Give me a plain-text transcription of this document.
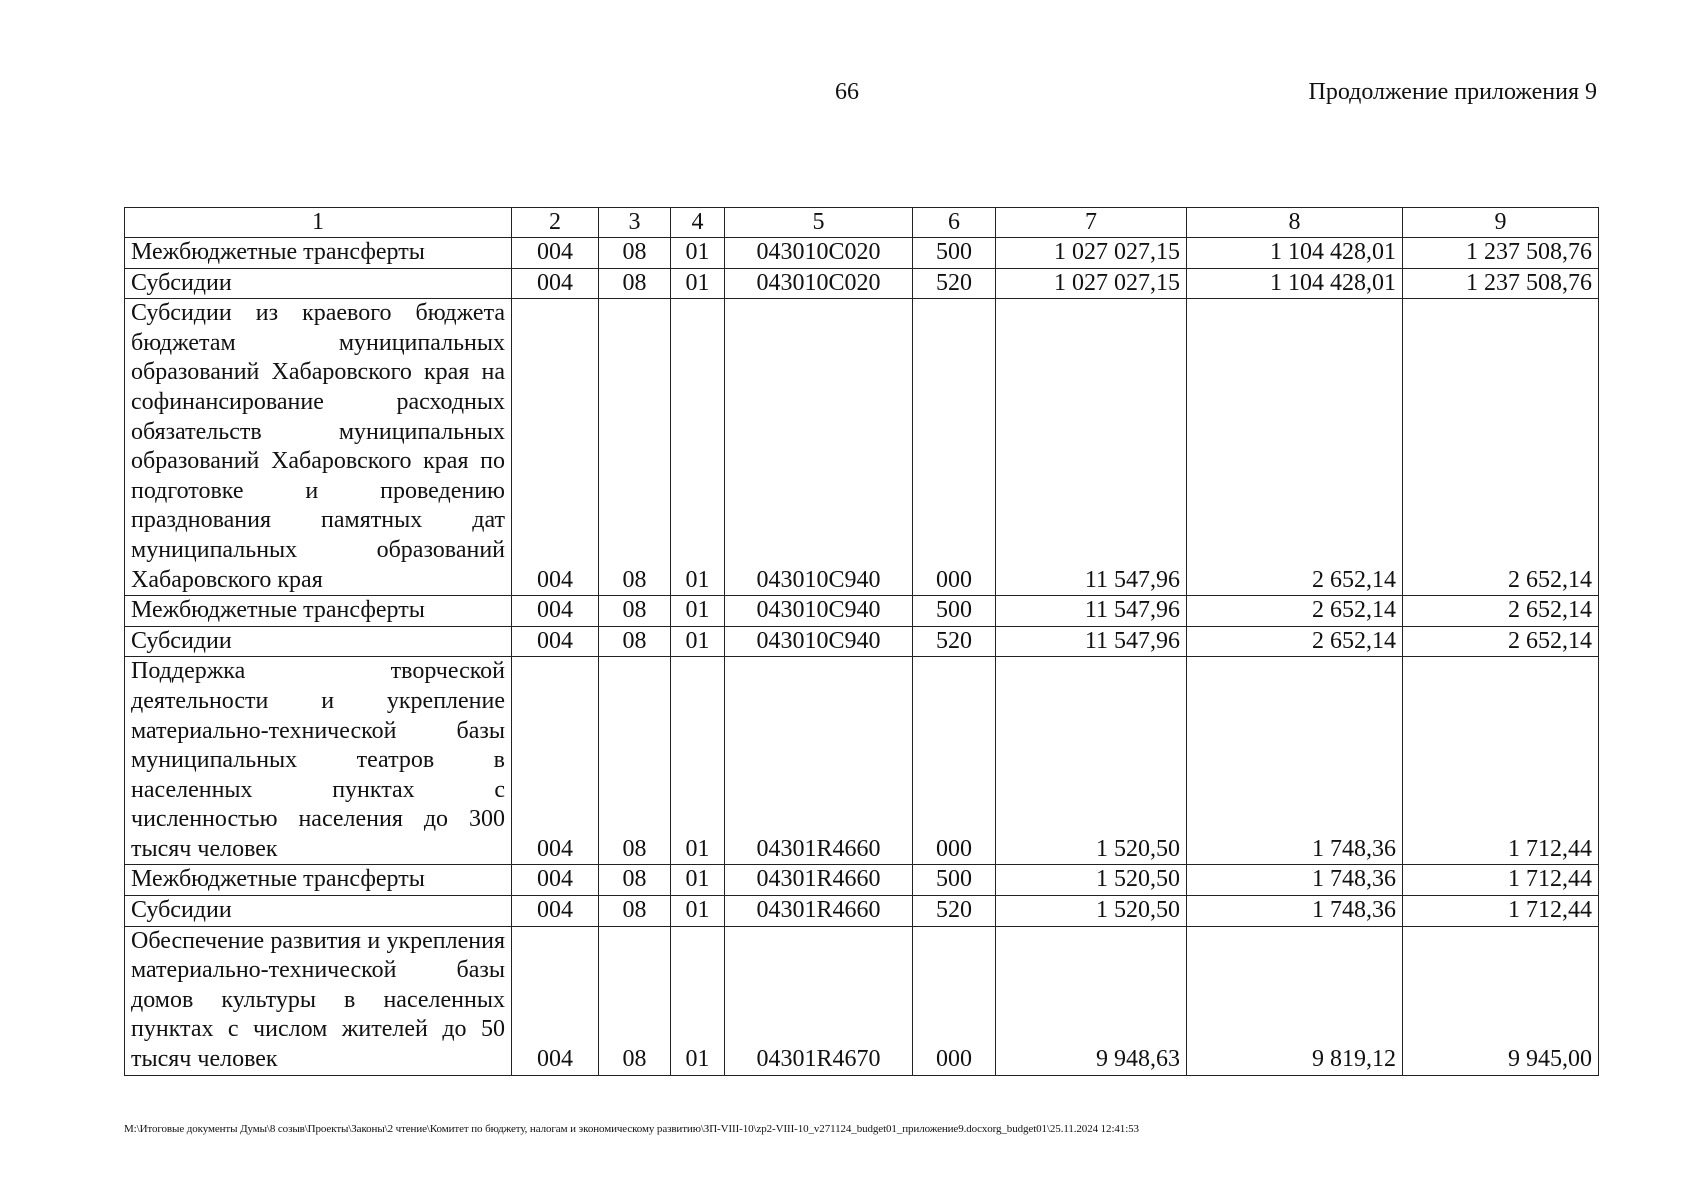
66	Продолжение приложения 9
1	2	3	4	5	6	7	8	9
Межбюджетные трансферты	004	08	01	043010C020	500	1 027 027,15	1 104 428,01	1 237 508,76
Субсидии	004	08	01	043010C020	520	1 027 027,15	1 104 428,01	1 237 508,76
Субсидии из краевого бюджета бюджетам муниципальных образований Хабаровского края на софинансирование расходных обязательств муниципальных образований Хабаровского края по подготовке и проведению празднования памятных дат муниципальных образований Хабаровского края	004	08	01	043010C940	000	11 547,96	2 652,14	2 652,14
Межбюджетные трансферты	004	08	01	043010C940	500	11 547,96	2 652,14	2 652,14
Субсидии	004	08	01	043010C940	520	11 547,96	2 652,14	2 652,14
Поддержка творческой деятельности и укрепление материально-технической базы муниципальных театров в населенных пунктах с численностью населения до 300 тысяч человек	004	08	01	04301R4660	000	1 520,50	1 748,36	1 712,44
Межбюджетные трансферты	004	08	01	04301R4660	500	1 520,50	1 748,36	1 712,44
Субсидии	004	08	01	04301R4660	520	1 520,50	1 748,36	1 712,44
Обеспечение развития и укрепления материально-технической базы домов культуры в населенных пунктах с числом жителей до 50 тысяч человек	004	08	01	04301R4670	000	9 948,63	9 819,12	9 945,00
M:\Итоговые документы Думы\8 созыв\Проекты\Законы\2 чтение\Комитет по бюджету, налогам и экономическому развитию\ЗП-VIII-10\zp2-VIII-10_v271124_budget01_приложение9.docxorg_budget01\25.11.2024 12:41:53
